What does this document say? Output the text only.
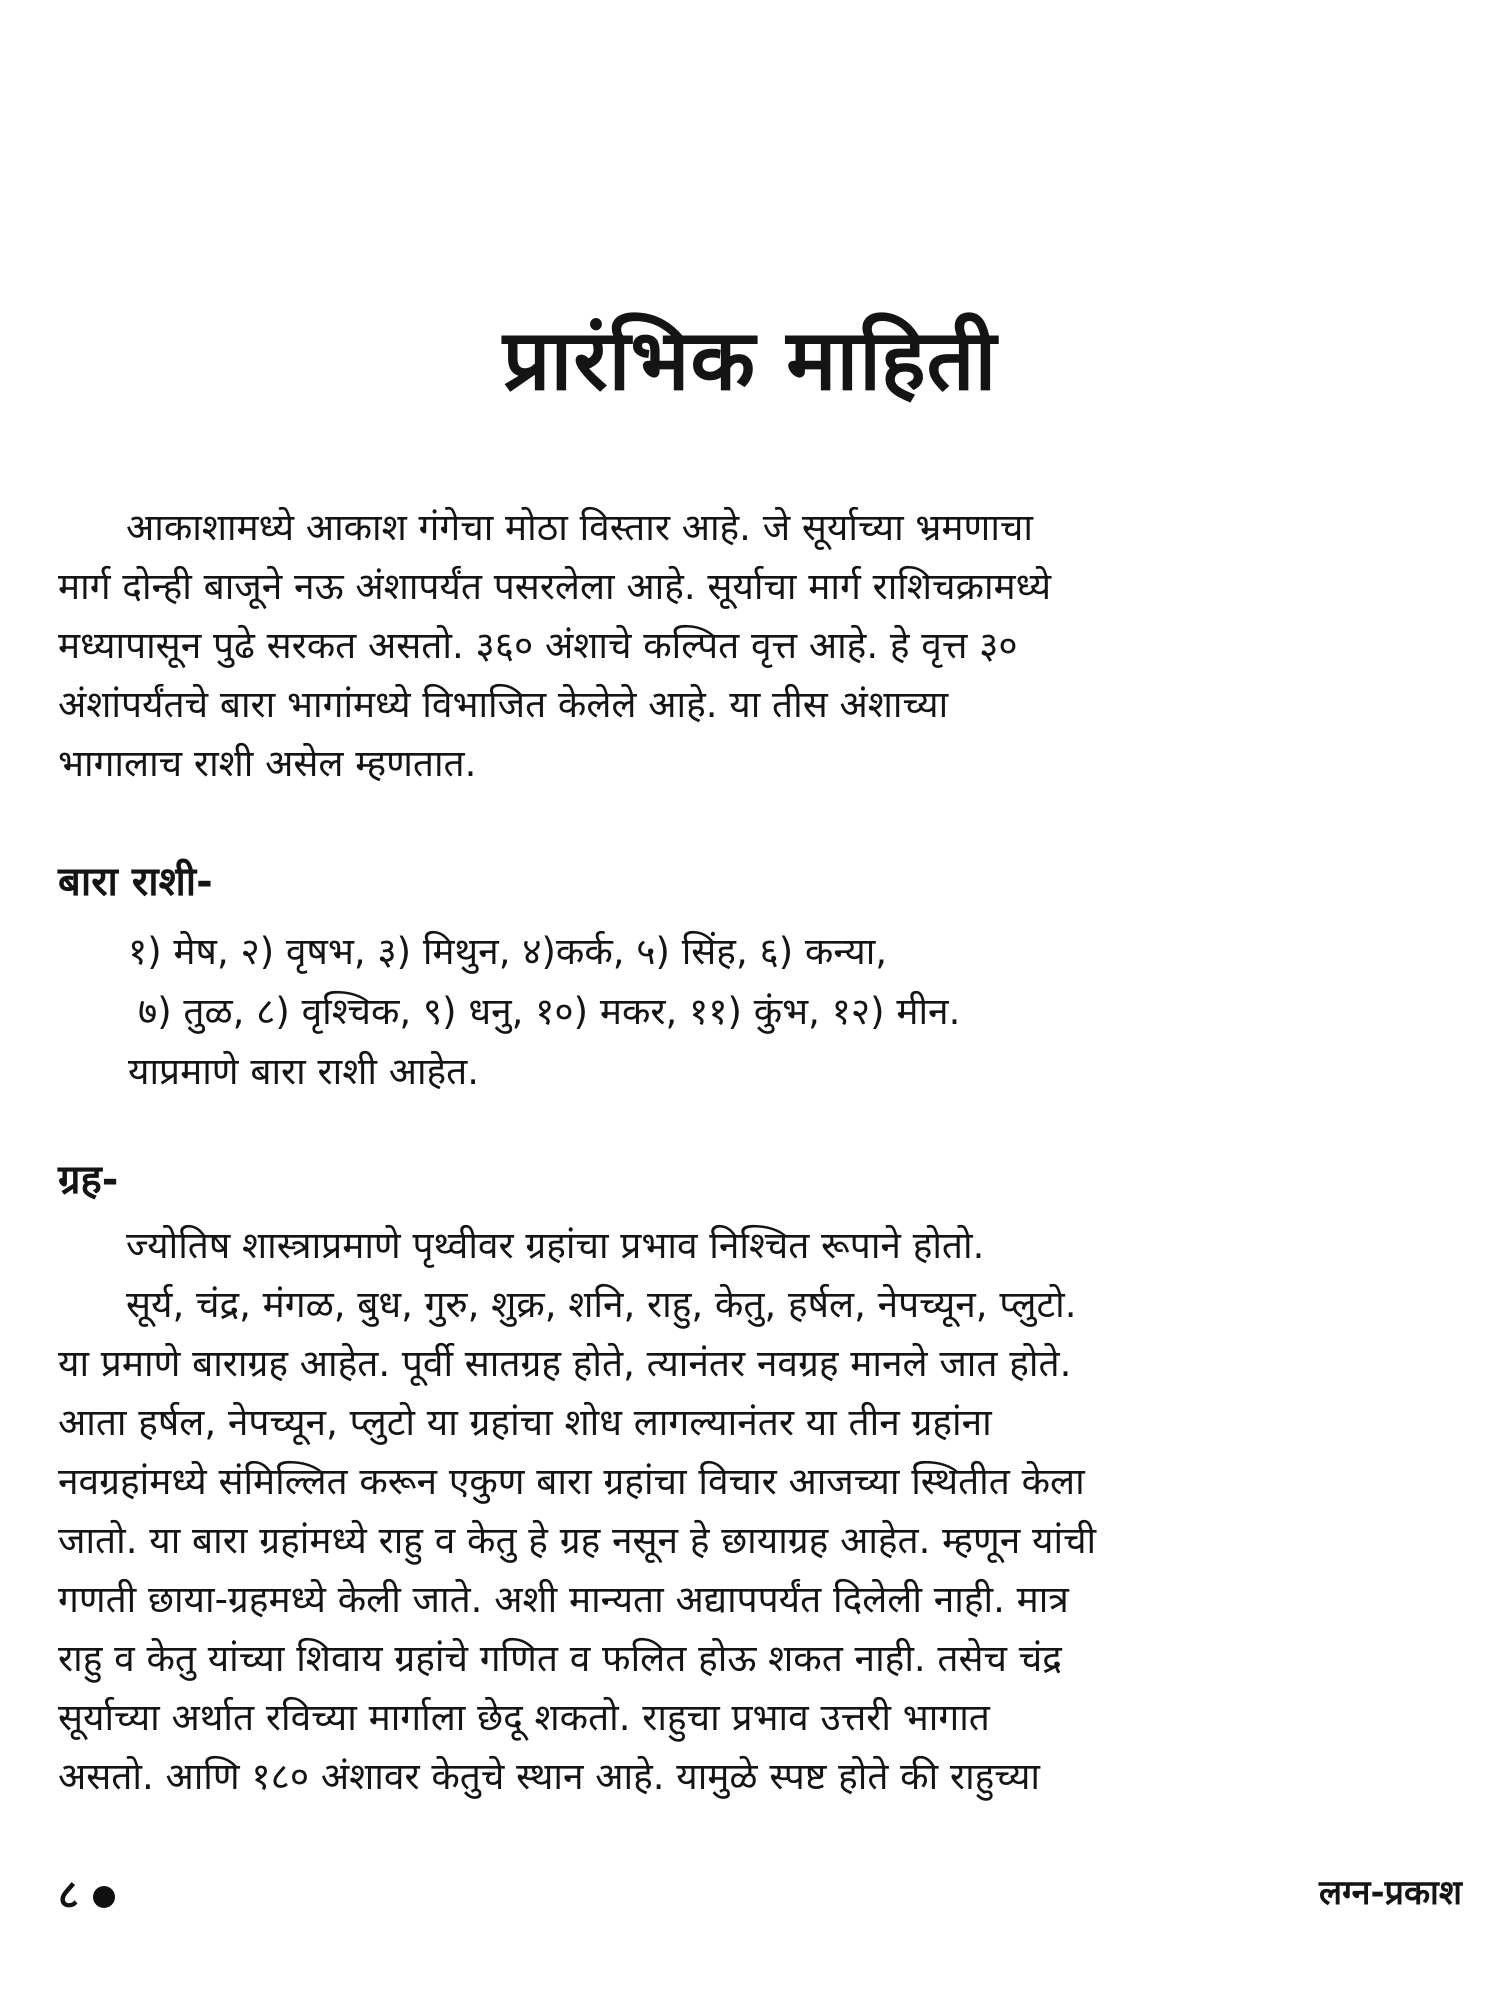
प्रारंभिक माहिती
आकाशामध्ये आकाश गंगेचा मोठा विस्तार आहे. जे सूर्याच्या भ्रमणाचा
मार्ग दोन्ही बाजूने नऊ अंशापर्यंत पसरलेला आहे. सूर्याचा मार्ग राशिचक्रामध्ये
मध्यापासून पुढे सरकत असतो. ३६० अंशाचे कल्पित वृत्त आहे. हे वृत्त ३०
अंशांपर्यंतचे बारा भागांमध्ये विभाजित केलेले आहे. या तीस अंशाच्या
भागालाच राशी असेल म्हणतात.
बारा राशी-
१) मेष, २) वृषभ, ३) मिथुन, ४)कर्क, ५) सिंह, ६) कन्या,
७) तुळ, ८) वृश्चिक, ९) धनु, १०) मकर, ११) कुंभ, १२) मीन.
याप्रमाणे बारा राशी आहेत.
ग्रह-
ज्योतिष शास्त्राप्रमाणे पृथ्वीवर ग्रहांचा प्रभाव निश्चित रूपाने होतो.
सूर्य, चंद्र, मंगळ, बुध, गुरु, शुक्र, शनि, राहु, केतु, हर्षल, नेपच्यून, प्लुटो.
या प्रमाणे बाराग्रह आहेत. पूर्वी सातग्रह होते, त्यानंतर नवग्रह मानले जात होते.
आता हर्षल, नेपच्यून, प्लुटो या ग्रहांचा शोध लागल्यानंतर या तीन ग्रहांना
नवग्रहांमध्ये संमिल्लित करून एकुण बारा ग्रहांचा विचार आजच्या स्थितीत केला
जातो. या बारा ग्रहांमध्ये राहु व केतु हे ग्रह नसून हे छायाग्रह आहेत. म्हणून यांची
गणती छाया-ग्रहमध्ये केली जाते. अशी मान्यता अद्यापपर्यंत दिलेली नाही. मात्र
राहु व केतु यांच्या शिवाय ग्रहांचे गणित व फलित होऊ शकत नाही. तसेच चंद्र
सूर्याच्या अर्थात रविच्या मार्गाला छेदू शकतो. राहुचा प्रभाव उत्तरी भागात
असतो. आणि १८० अंशावर केतुचे स्थान आहे. यामुळे स्पष्ट होते की राहुच्या
८	लग्न-प्रकाश
